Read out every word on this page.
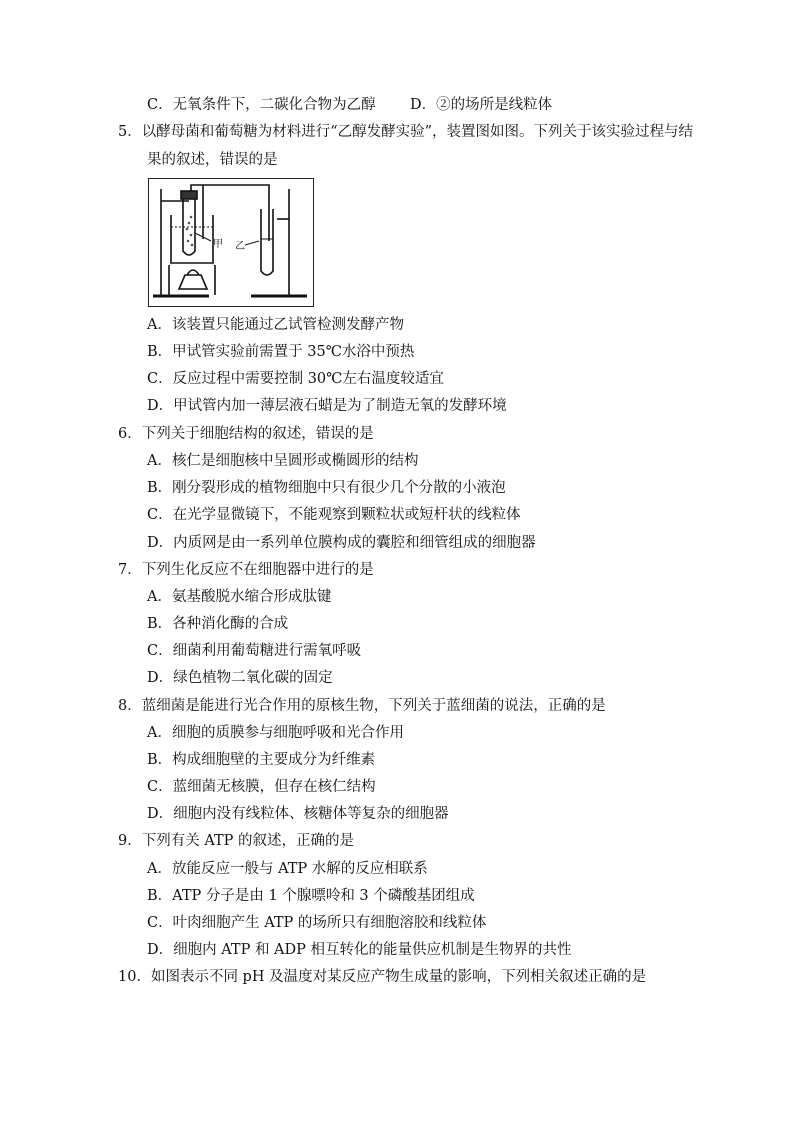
C．无氧条件下，二碳化合物为乙醇 D．②的场所是线粒体
5．以酵母菌和葡萄糖为材料进行“乙醇发酵实验”，装置图如图。下列关于该实验过程与结
果的叙述，错误的是
甲 乙
A．该装置只能通过乙试管检测发酵产物
B．甲试管实验前需置于 35℃水浴中预热
C．反应过程中需要控制 30℃左右温度较适宜
D．甲试管内加一薄层液石蜡是为了制造无氧的发酵环境
6．下列关于细胞结构的叙述，错误的是
A．核仁是细胞核中呈圆形或椭圆形的结构
B．刚分裂形成的植物细胞中只有很少几个分散的小液泡
C．在光学显微镜下，不能观察到颗粒状或短杆状的线粒体
D．内质网是由一系列单位膜构成的囊腔和细管组成的细胞器
7．下列生化反应不在细胞器中进行的是
A．氨基酸脱水缩合形成肽键
B．各种消化酶的合成
C．细菌利用葡萄糖进行需氧呼吸
D．绿色植物二氧化碳的固定
8．蓝细菌是能进行光合作用的原核生物，下列关于蓝细菌的说法，正确的是
A．细胞的质膜参与细胞呼吸和光合作用
B．构成细胞壁的主要成分为纤维素
C．蓝细菌无核膜，但存在核仁结构
D．细胞内没有线粒体、核糖体等复杂的细胞器
9．下列有关 ATP 的叙述，正确的是
A．放能反应一般与 ATP 水解的反应相联系
B．ATP 分子是由 1 个腺嘌呤和 3 个磷酸基团组成
C．叶肉细胞产生 ATP 的场所只有细胞溶胶和线粒体
D．细胞内 ATP 和 ADP 相互转化的能量供应机制是生物界的共性
10．如图表示不同 pH 及温度对某反应产物生成量的影响，下列相关叙述正确的是
